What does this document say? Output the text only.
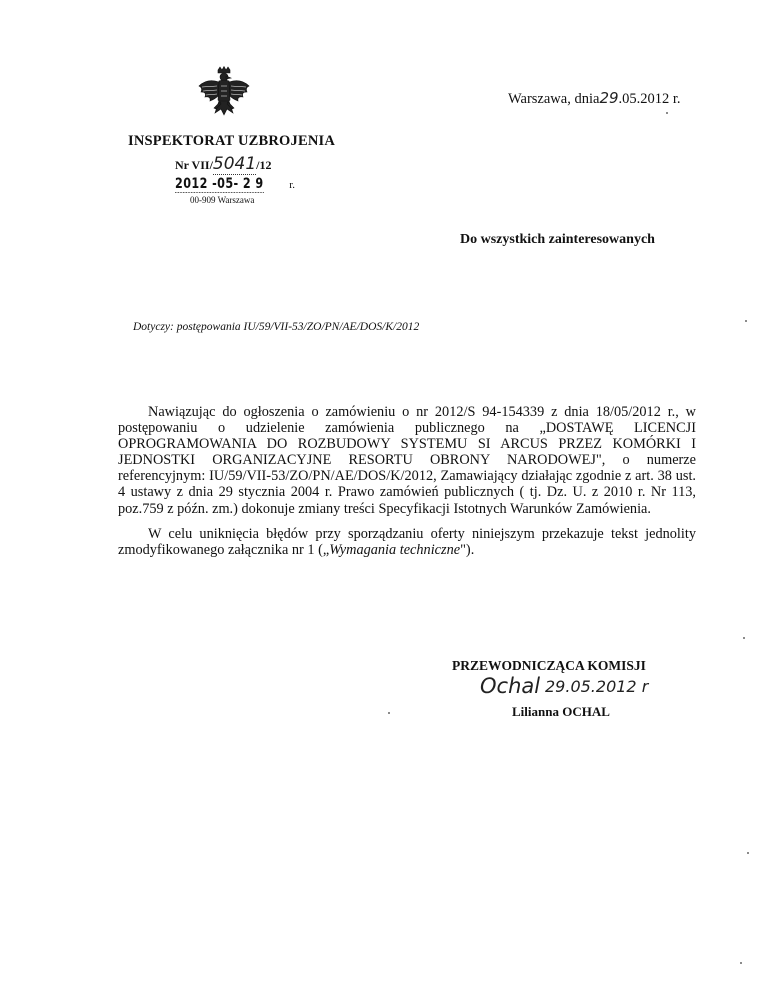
Warszawa, dnia29.05.2012 r.
INSPEKTORAT UZBROJENIA
Nr VII/5041/12
2012 -05- 2 9 r.
00-909 Warszawa
Do wszystkich zainteresowanych
Dotyczy: postępowania IU/59/VII-53/ZO/PN/AE/DOS/K/2012

Nawiązując do ogłoszenia o zamówieniu o nr 2012/S 94-154339 z dnia 18/05/2012 r., w postępowaniu o udzielenie zamówienia publicznego na „DOSTAWĘ LICENCJI OPROGRAMOWANIA DO ROZBUDOWY SYSTEMU SI ARCUS PRZEZ KOMÓRKI I JEDNOSTKI ORGANIZACYJNE RESORTU OBRONY NARODOWEJ", o numerze referencyjnym: IU/59/VII-53/ZO/PN/AE/DOS/K/2012, Zamawiający działając zgodnie z art. 38 ust. 4 ustawy z dnia 29 stycznia 2004 r. Prawo zamówień publicznych ( tj. Dz. U. z 2010 r. Nr 113, poz.759 z późn. zm.) dokonuje zmiany treści Specyfikacji Istotnych Warunków Zamówienia.

W celu uniknięcia błędów przy sporządzaniu oferty niniejszym przekazuje tekst jednolity zmodyfikowanego załącznika nr 1 („Wymagania techniczne").

PRZEWODNICZĄCA KOMISJI
Ochal 29.05.2012 r
Lilianna OCHAL
